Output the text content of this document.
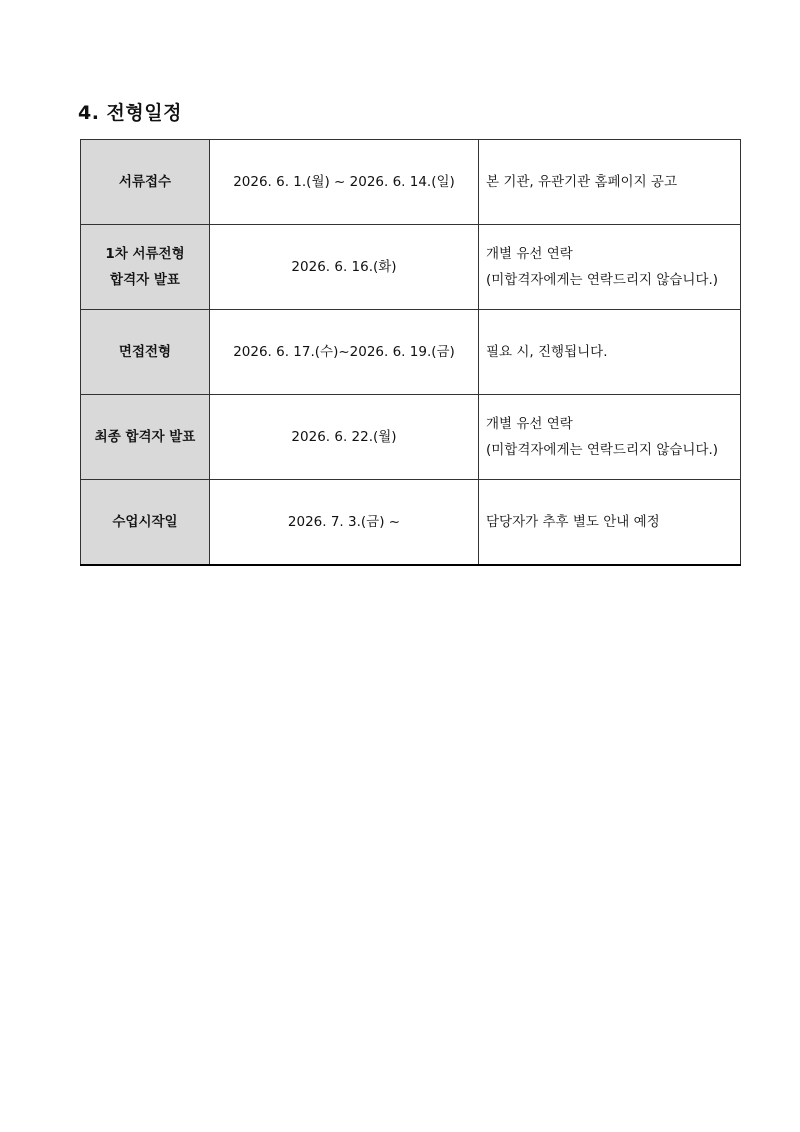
4. 전형일정
서류접수	2026. 6. 1.(월) ~ 2026. 6. 14.(일)	본 기관, 유관기관 홈페이지 공고

1차 서류전형
합격자 발표	2026. 6. 16.(화)	개별 유선 연락
(미합격자에게는 연락드리지 않습니다.)

면접전형	2026. 6. 17.(수)~2026. 6. 19.(금)	필요 시, 진행됩니다.

최종 합격자 발표	2026. 6. 22.(월)	개별 유선 연락
(미합격자에게는 연락드리지 않습니다.)

수업시작일	2026. 7. 3.(금) ~	담당자가 추후 별도 안내 예정
